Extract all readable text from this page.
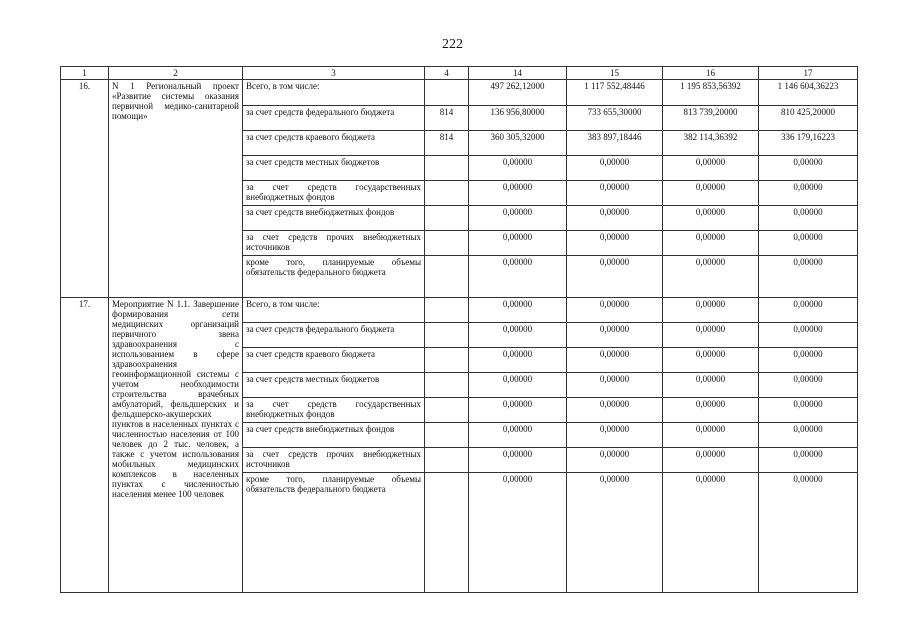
222
1	2	3	4	14	15	16	17
16.	N 1 Региональный проект «Развитие системы оказания первичной медико-санитарной помощи»	Всего, в том числе:		497 262,12000	1 117 552,48446	1 195 853,56392	1 146 604,36223
		за счет средств федерального бюджета	814	136 956,80000	733 655,30000	813 739,20000	810 425,20000
		за счет средств краевого бюджета	814	360 305,32000	383 897,18446	382 114,36392	336 179,16223
		за счет средств местных бюджетов		0,00000	0,00000	0,00000	0,00000
		за счет средств государственных внебюджетных фондов		0,00000	0,00000	0,00000	0,00000
		за счет средств внебюджетных фондов		0,00000	0,00000	0,00000	0,00000
		за счет средств прочих внебюджетных источников		0,00000	0,00000	0,00000	0,00000
		кроме того, планируемые объемы обязательств федерального бюджета		0,00000	0,00000	0,00000	0,00000
17.	Мероприятие N 1.1. Завершение формирования сети медицинских организаций первичного звена здравоохранения с использованием в сфере здравоохранения геоинформационной системы с учетом необходимости строительства врачебных амбулаторий, фельдшерских и фельдшерско-акушерских пунктов в населенных пунктах с численностью населения от 100 человек до 2 тыс. человек, а также с учетом использования мобильных медицинских комплексов в населенных пунктах с численностью населения менее 100 человек	Всего, в том числе:		0,00000	0,00000	0,00000	0,00000
		за счет средств федерального бюджета		0,00000	0,00000	0,00000	0,00000
		за счет средств краевого бюджета		0,00000	0,00000	0,00000	0,00000
		за счет средств местных бюджетов		0,00000	0,00000	0,00000	0,00000
		за счет средств государственных внебюджетных фондов		0,00000	0,00000	0,00000	0,00000
		за счет средств внебюджетных фондов		0,00000	0,00000	0,00000	0,00000
		за счет средств прочих внебюджетных источников		0,00000	0,00000	0,00000	0,00000
		кроме того, планируемые объемы обязательств федерального бюджета		0,00000	0,00000	0,00000	0,00000
